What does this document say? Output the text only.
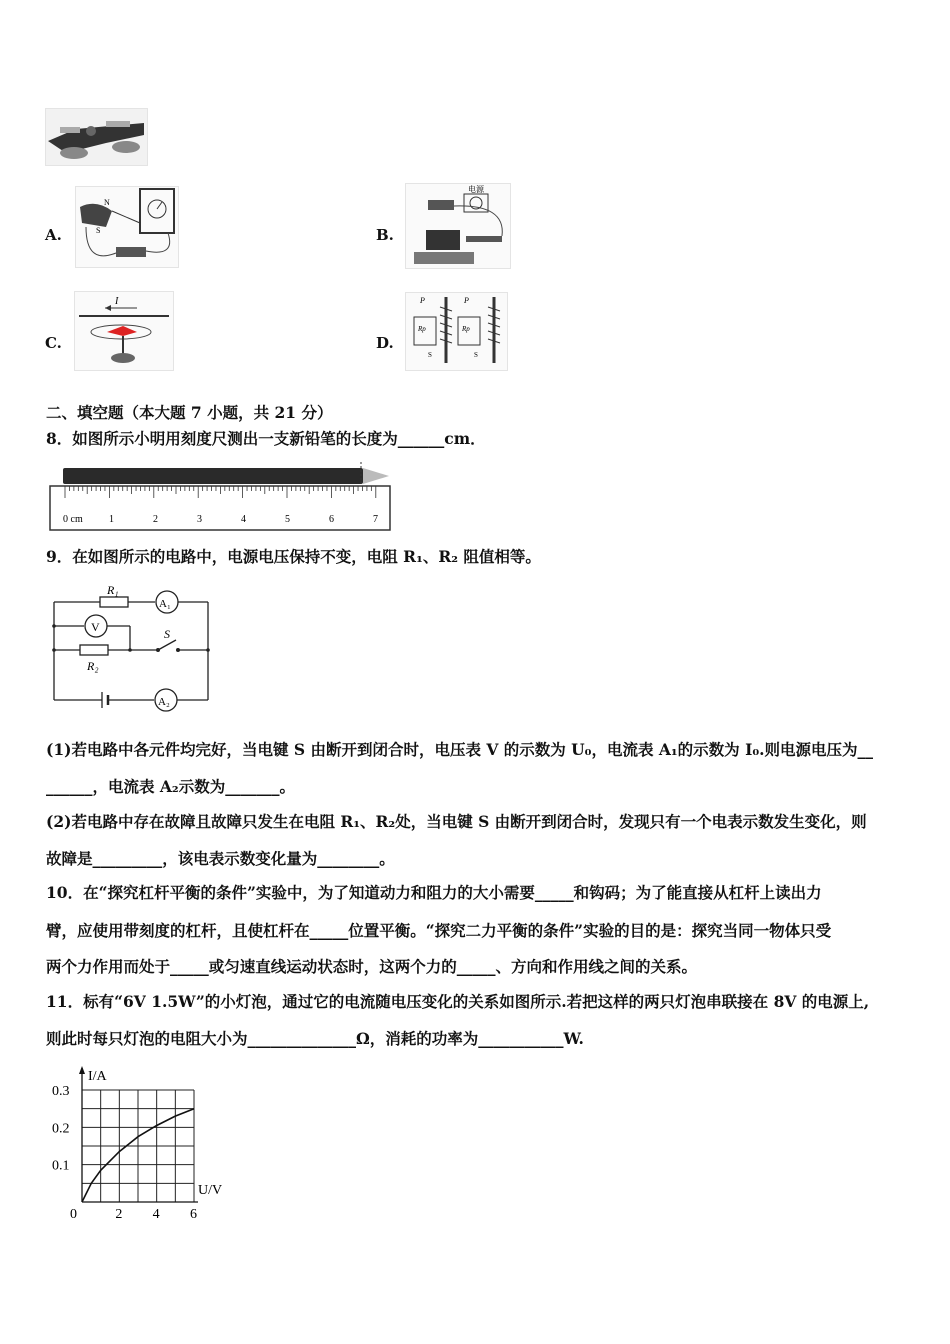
A.
N
S	B.
电源
C.
I
D.
P	P
Rp	Rp
S	S
二、填空题（本大题 7 小题，共 21 分）
8．如图所示小明用刻度尺测出一支新铅笔的长度为______cm．
0 cm	1	2	3	4	5	6	7
9．在如图所示的电路中，电源电压保持不变，电阻 R₁、R₂ 阻值相等。
R₁
R₂
A₁
A₂
V	S
(1)若电路中各元件均完好，当电键 S 由断开到闭合时，电压表 V 的示数为 U₀，电流表 A₁的示数为 I₀.则电源电压为__
______，电流表 A₂示数为_______。
(2)若电路中存在故障且故障只发生在电阻 R₁、R₂处，当电键 S 由断开到闭合时，发现只有一个电表示数发生变化，则
故障是_________，该电表示数变化量为________。
10．在“探究杠杆平衡的条件”实验中，为了知道动力和阻力的大小需要_____和钩码；为了能直接从杠杆上读出力
臂，应使用带刻度的杠杆，且使杠杆在_____位置平衡。“探究二力平衡的条件”实验的目的是：探究当同一物体只受
两个力作用而处于_____或匀速直线运动状态时，这两个力的_____、方向和作用线之间的关系。
11．标有“6V 1.5W”的小灯泡，通过它的电流随电压变化的关系如图所示.若把这样的两只灯泡串联接在 8V 的电源上,
则此时每只灯泡的电阻大小为______________Ω，消耗的功率为___________W.
0	2 4 6
0.1
0.2
0.3
I/A
U/V
